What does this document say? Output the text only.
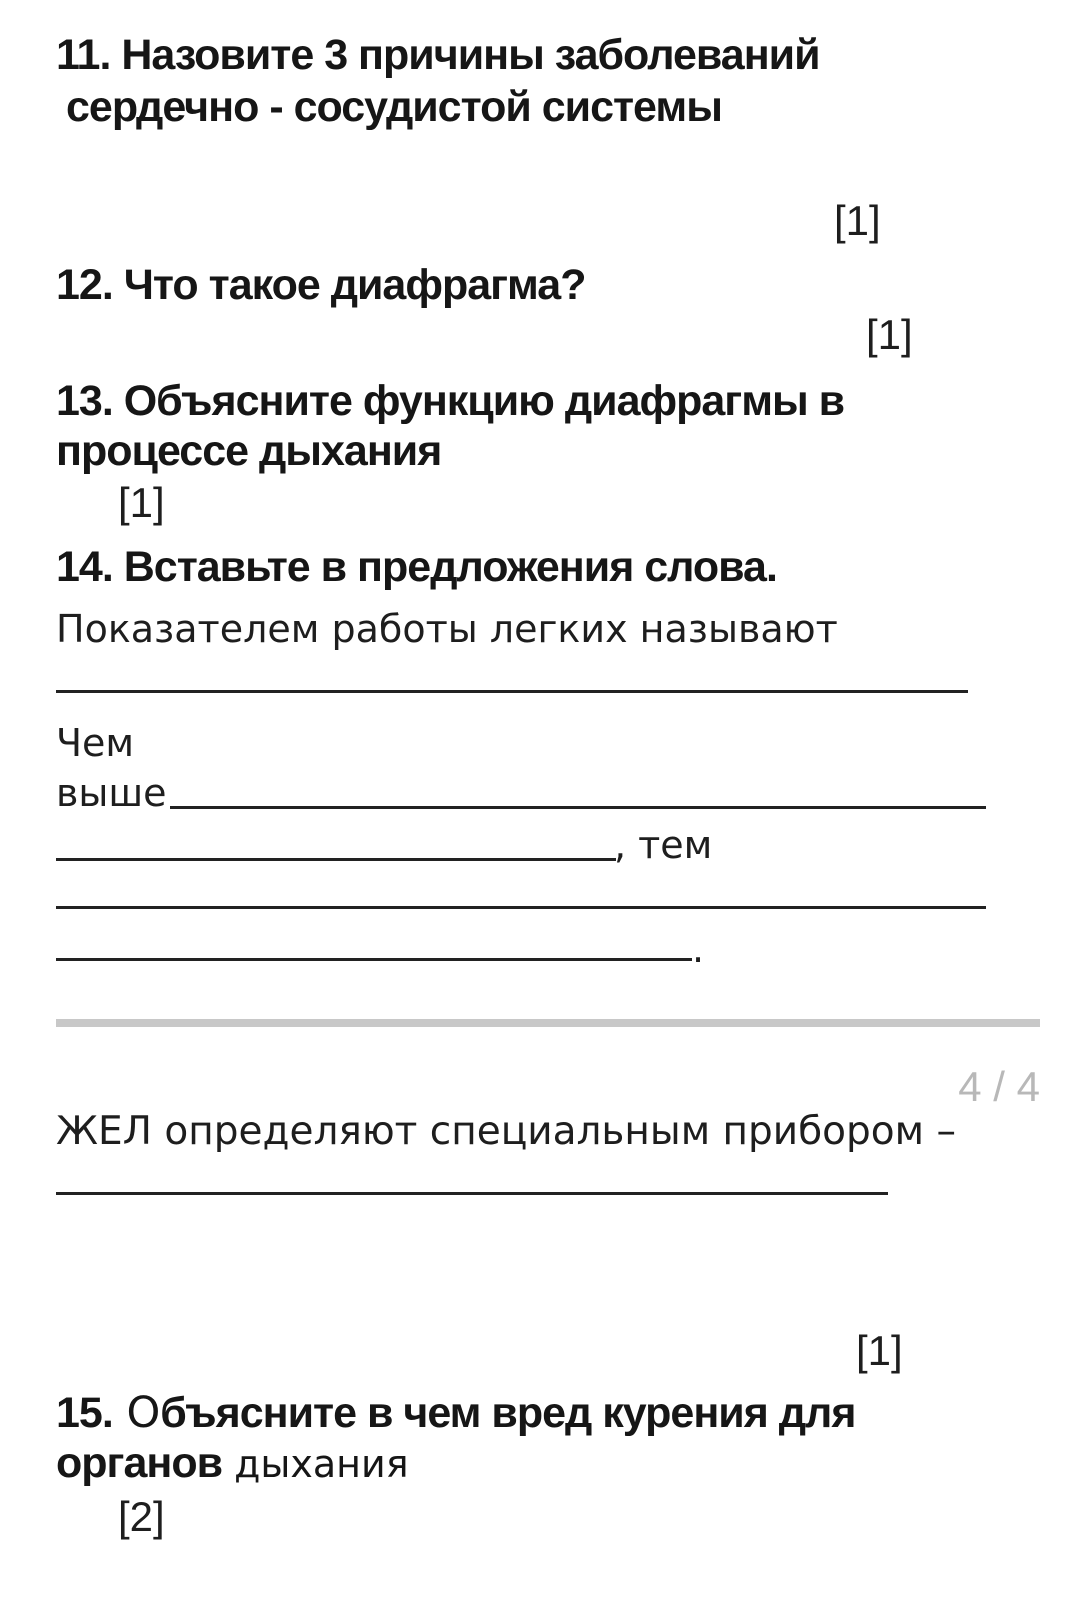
11. Назовите 3 причины заболеваний
сердечно - сосудистой системы
[1]
12. Что такое диафрагма?
[1]
13. Объясните функцию диафрагмы в
процессе дыхания
[1]
14. Вставьте в предложения слова.
Показателем работы легких называют
Чем
выше
, тем
.
4 / 4
ЖЕЛ определяют специальным прибором –
[1]
15. Объясните в чем вред курения для
органов дыхания
[2]
